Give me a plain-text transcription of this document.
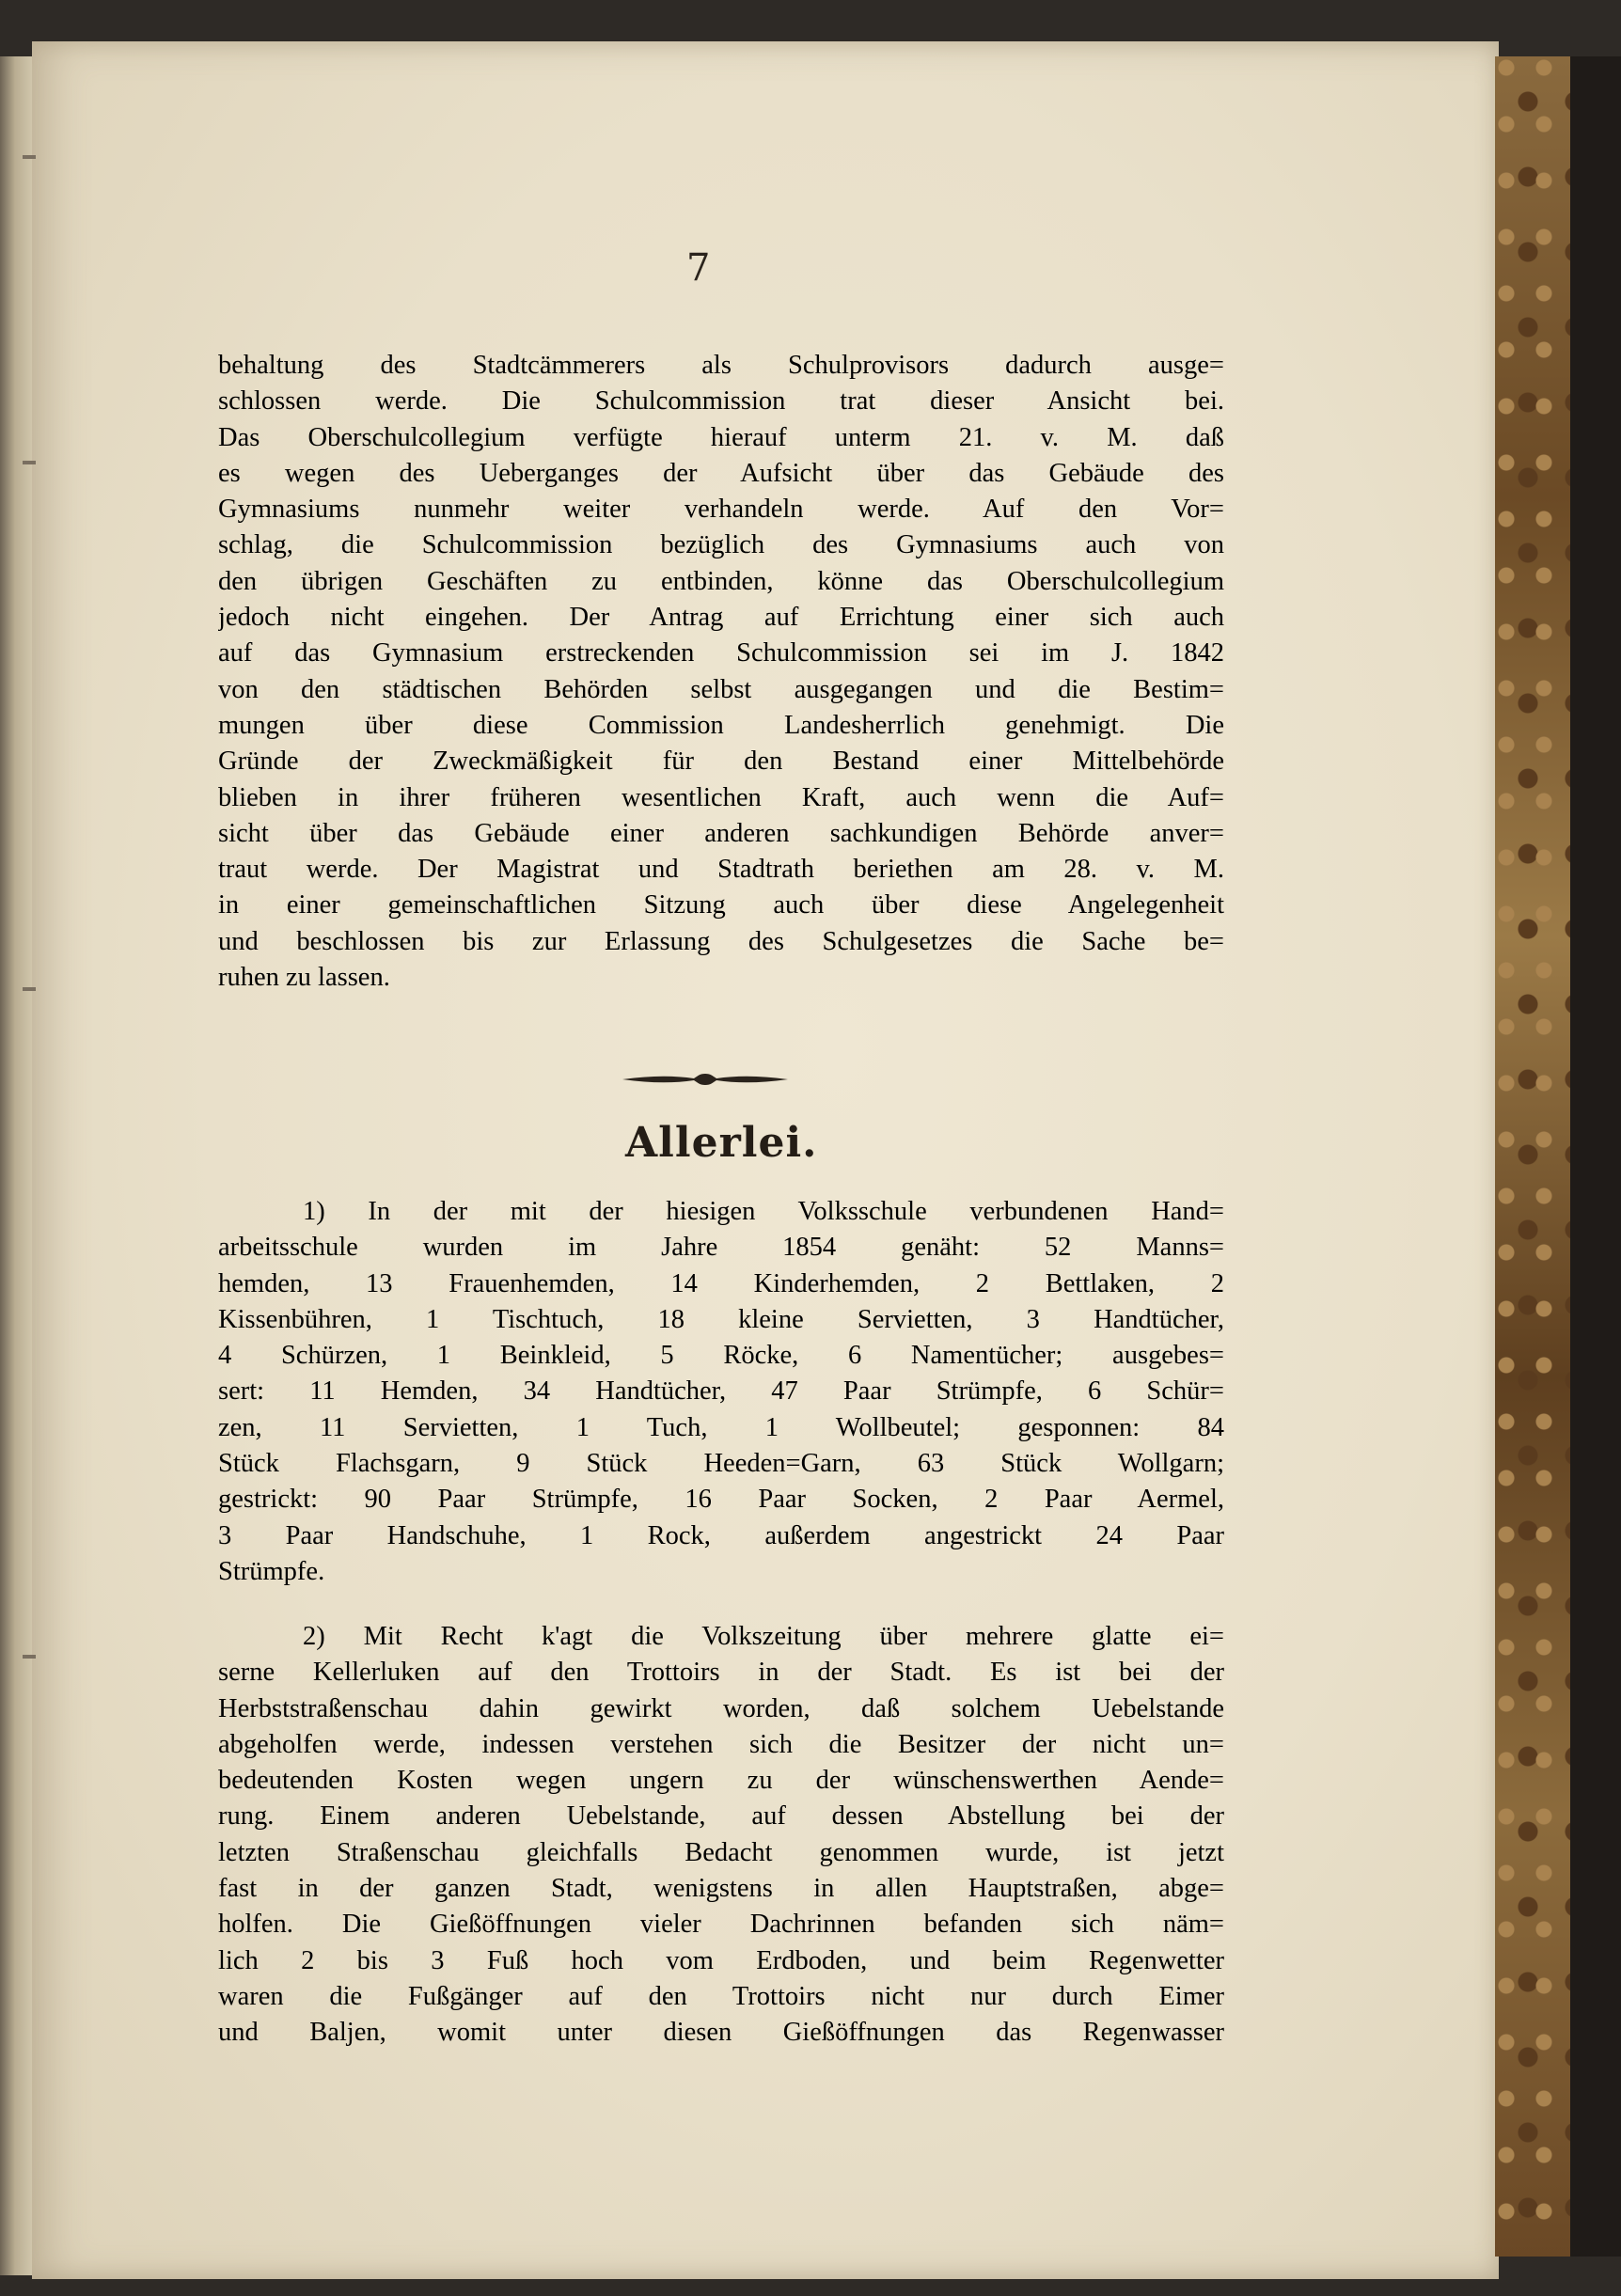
7
behaltung des Stadtcämmerers als Schulprovisors dadurch ausge=
schlossen werde. Die Schulcommission trat dieser Ansicht bei.
Das Oberschulcollegium verfügte hierauf unterm 21. v. M. daß
es wegen des Ueberganges der Aufsicht über das Gebäude des
Gymnasiums nunmehr weiter verhandeln werde. Auf den Vor=
schlag, die Schulcommission bezüglich des Gymnasiums auch von
den übrigen Geschäften zu entbinden, könne das Oberschulcollegium
jedoch nicht eingehen. Der Antrag auf Errichtung einer sich auch
auf das Gymnasium erstreckenden Schulcommission sei im J. 1842
von den städtischen Behörden selbst ausgegangen und die Bestim=
mungen über diese Commission Landesherrlich genehmigt. Die
Gründe der Zweckmäßigkeit für den Bestand einer Mittelbehörde
blieben in ihrer früheren wesentlichen Kraft, auch wenn die Auf=
sicht über das Gebäude einer anderen sachkundigen Behörde anver=
traut werde. Der Magistrat und Stadtrath beriethen am 28. v. M.
in einer gemeinschaftlichen Sitzung auch über diese Angelegenheit
und beschlossen bis zur Erlassung des Schulgesetzes die Sache be=
ruhen zu lassen.
Allerlei.
1) In der mit der hiesigen Volksschule verbundenen Hand=
arbeitsschule wurden im Jahre 1854 genäht: 52 Manns=
hemden, 13 Frauenhemden, 14 Kinderhemden, 2 Bettlaken, 2
Kissenbühren, 1 Tischtuch, 18 kleine Servietten, 3 Handtücher,
4 Schürzen, 1 Beinkleid, 5 Röcke, 6 Namentücher; ausgebes=
sert: 11 Hemden, 34 Handtücher, 47 Paar Strümpfe, 6 Schür=
zen, 11 Servietten, 1 Tuch, 1 Wollbeutel; gesponnen: 84
Stück Flachsgarn, 9 Stück Heeden=Garn, 63 Stück Wollgarn;
gestrickt: 90 Paar Strümpfe, 16 Paar Socken, 2 Paar Aermel,
3 Paar Handschuhe, 1 Rock, außerdem angestrickt 24 Paar
Strümpfe.
2) Mit Recht k'agt die Volkszeitung über mehrere glatte ei=
serne Kellerluken auf den Trottoirs in der Stadt. Es ist bei der
Herbststraßenschau dahin gewirkt worden, daß solchem Uebelstande
abgeholfen werde, indessen verstehen sich die Besitzer der nicht un=
bedeutenden Kosten wegen ungern zu der wünschenswerthen Aende=
rung. Einem anderen Uebelstande, auf dessen Abstellung bei der
letzten Straßenschau gleichfalls Bedacht genommen wurde, ist jetzt
fast in der ganzen Stadt, wenigstens in allen Hauptstraßen, abge=
holfen. Die Gießöffnungen vieler Dachrinnen befanden sich näm=
lich 2 bis 3 Fuß hoch vom Erdboden, und beim Regenwetter
waren die Fußgänger auf den Trottoirs nicht nur durch Eimer
und Baljen, womit unter diesen Gießöffnungen das Regenwasser
